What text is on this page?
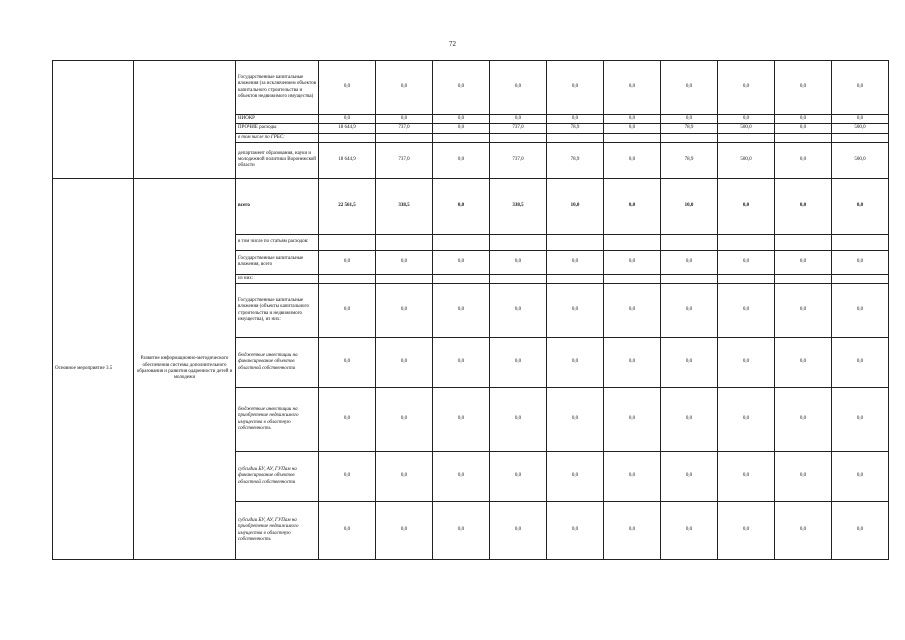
72
		Государственные капитальные вложения (за исключением объектов капитального строительства и объектов недвижимого имущества)	0,0	0,0	0,0	0,0	0,0	0,0	0,0	0,0	0,0	0,0
		НИОКР	0,0	0,0	0,0	0,0	0,0	0,0	0,0	0,0	0,0	0,0
		ПРОЧИЕ расходы	18 644,9	737,0	0,0	737,0	78,9	0,0	78,9	500,0	0,0	500,0
		в том числе по ГРБС:										
		департамент образования, науки и молодежной политики Воронежской области	18 644,9	737,0	0,0	737,0	78,9	0,0	78,9	500,0	0,0	500,0
Основное мероприятие 3.5	Развитие информационно-методического обеспечения системы дополнительного образования и развития одаренности детей и молодежи	всего	22 561,5	338,5	0,0	338,5	10,0	0,0	10,0	0,0	0,0	0,0
		в том числе по статьям расходов:										
		Государственные капитальные вложения, всего	0,0	0,0	0,0	0,0	0,0	0,0	0,0	0,0	0,0	0,0
		из них:										
		Государственные капитальные вложения (объекты капитального строительства и недвижимого имущества), из них:	0,0	0,0	0,0	0,0	0,0	0,0	0,0	0,0	0,0	0,0
		бюджетные инвестиции на финансирование объектов областной собственности	0,0	0,0	0,0	0,0	0,0	0,0	0,0	0,0	0,0	0,0
		бюджетные инвестиции на приобретение недвижимого имущества в областную собственность	0,0	0,0	0,0	0,0	0,0	0,0	0,0	0,0	0,0	0,0
		субсидии БУ, АУ, ГУПам на финансирование объектов областной собственности	0,0	0,0	0,0	0,0	0,0	0,0	0,0	0,0	0,0	0,0
		субсидии БУ, АУ, ГУПам на приобретение недвижимого имущества в областную собственность	0,0	0,0	0,0	0,0	0,0	0,0	0,0	0,0	0,0	0,0
